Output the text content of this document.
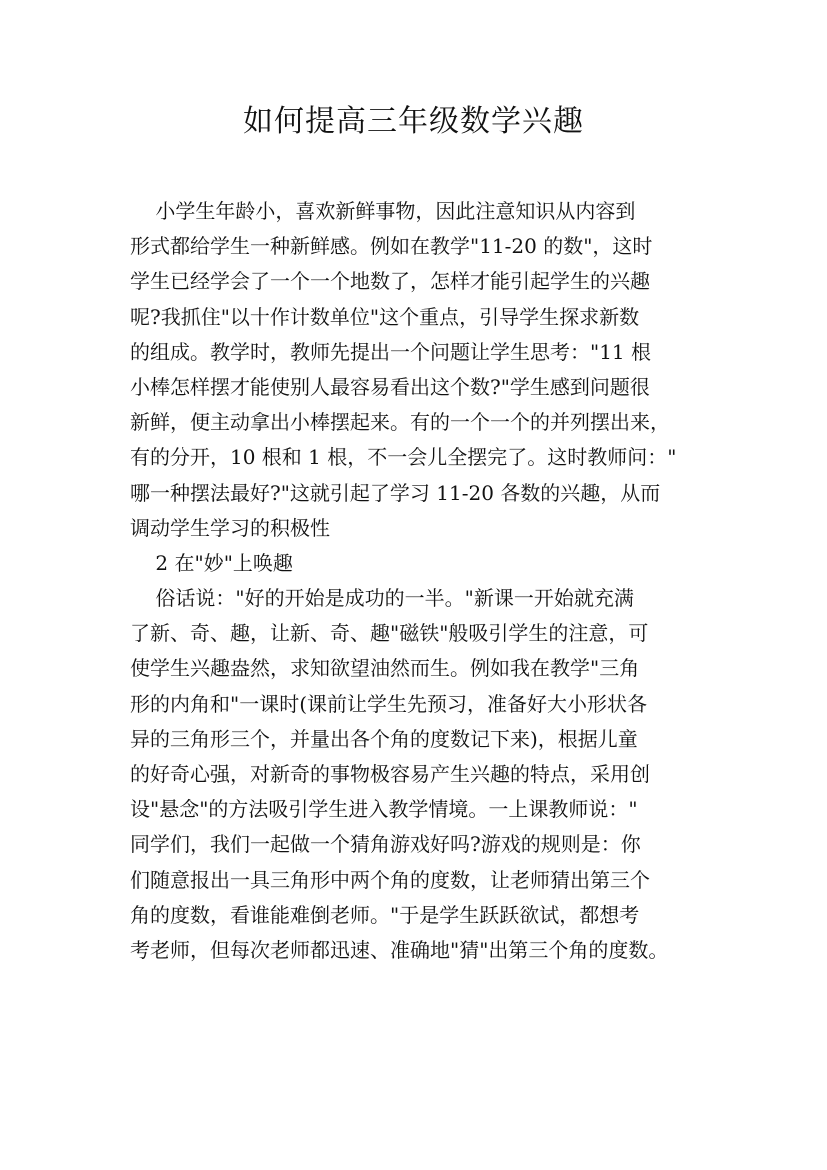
如何提高三年级数学兴趣

小学生年龄小，喜欢新鲜事物，因此注意知识从内容到

形式都给学生一种新鲜感。例如在教学"11-20 的数"，这时

学生已经学会了一个一个地数了，怎样才能引起学生的兴趣

呢?我抓住"以十作计数单位"这个重点，引导学生探求新数

的组成。教学时，教师先提出一个问题让学生思考："11 根

小棒怎样摆才能使别人最容易看出这个数?"学生感到问题很

新鲜，便主动拿出小棒摆起来。有的一个一个的并列摆出来，

有的分开，10 根和 1 根，不一会儿全摆完了。这时教师问："

哪一种摆法最好?"这就引起了学习 11-20 各数的兴趣，从而

调动学生学习的积极性

2 在"妙"上唤趣

俗话说："好的开始是成功的一半。"新课一开始就充满

了新、奇、趣，让新、奇、趣"磁铁"般吸引学生的注意，可

使学生兴趣盎然，求知欲望油然而生。例如我在教学"三角

形的内角和"一课时(课前让学生先预习，准备好大小形状各

异的三角形三个，并量出各个角的度数记下来)，根据儿童

的好奇心强，对新奇的事物极容易产生兴趣的特点，采用创

设"悬念"的方法吸引学生进入教学情境。一上课教师说："

同学们，我们一起做一个猜角游戏好吗?游戏的规则是：你

们随意报出一具三角形中两个角的度数，让老师猜出第三个

角的度数，看谁能难倒老师。"于是学生跃跃欲试，都想考

考老师，但每次老师都迅速、准确地"猜"出第三个角的度数。
